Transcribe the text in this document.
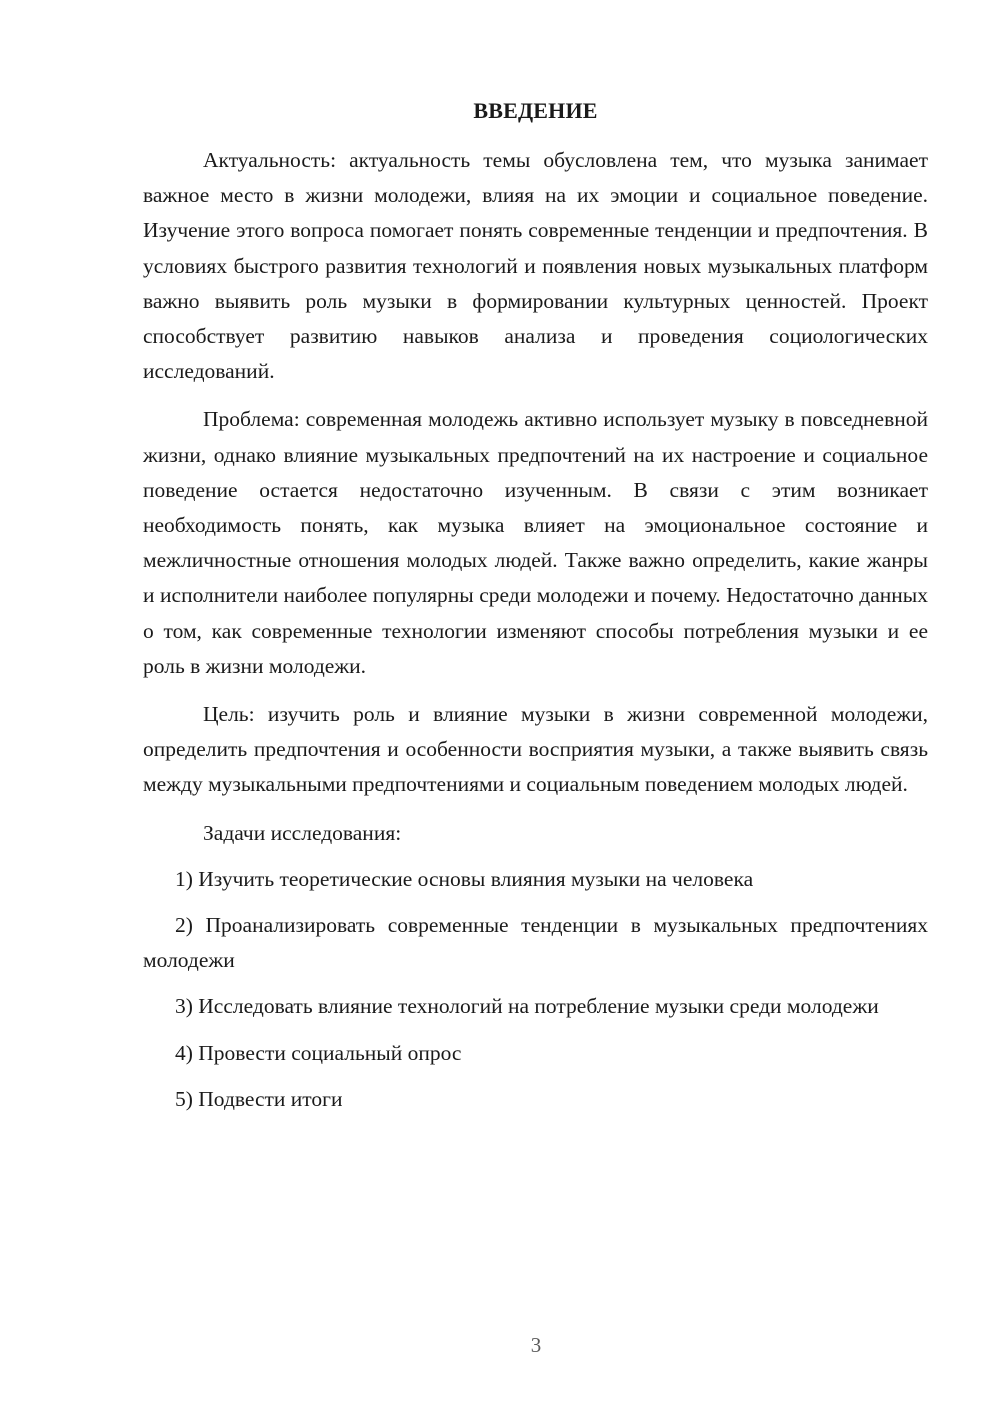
ВВЕДЕНИЕ

Актуальность: актуальность темы обусловлена тем, что музыка занимает важное место в жизни молодежи, влияя на их эмоции и социальное поведение. Изучение этого вопроса помогает понять современные тенденции и предпочтения. В условиях быстрого развития технологий и появления новых музыкальных платформ важно выявить роль музыки в формировании культурных ценностей. Проект способствует развитию навыков анализа и проведения социологических исследований.

Проблема: современная молодежь активно использует музыку в повседневной жизни, однако влияние музыкальных предпочтений на их настроение и социальное поведение остается недостаточно изученным. В связи с этим возникает необходимость понять, как музыка влияет на эмоциональное состояние и межличностные отношения молодых людей. Также важно определить, какие жанры и исполнители наиболее популярны среди молодежи и почему. Недостаточно данных о том, как современные технологии изменяют способы потребления музыки и ее роль в жизни молодежи.

Цель: изучить роль и влияние музыки в жизни современной молодежи, определить предпочтения и особенности восприятия музыки, а также выявить связь между музыкальными предпочтениями и социальным поведением молодых людей.

Задачи исследования:

1) Изучить теоретические основы влияния музыки на человека

2) Проанализировать современные тенденции в музыкальных предпочтениях молодежи

3) Исследовать влияние технологий на потребление музыки среди молодежи

4) Провести социальный опрос

5) Подвести итоги

3
